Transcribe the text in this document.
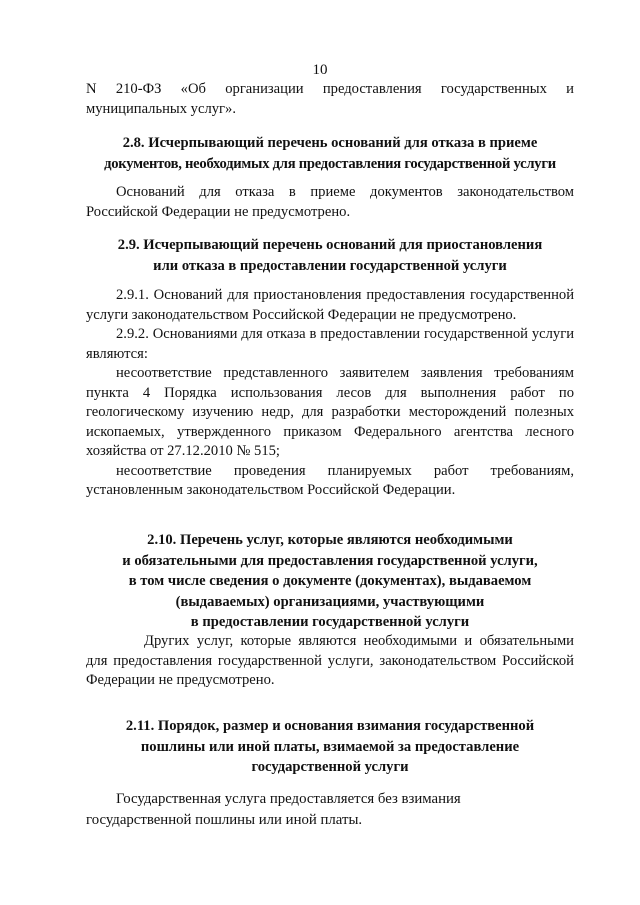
10

N 210-ФЗ «Об организации предоставления государственных и

муниципальных услуг».

2.8. Исчерпывающий перечень оснований для отказа в приеме
документов, необходимых для предоставления государственной услуги

Оснований для отказа в приеме документов законодательством Российской Федерации не предусмотрено.

2.9. Исчерпывающий перечень оснований для приостановления
или отказа в предоставлении государственной услуги

2.9.1. Оснований для приостановления предоставления государственной услуги законодательством Российской Федерации не предусмотрено.

2.9.2. Основаниями для отказа в предоставлении государственной услуги являются:

несоответствие представленного заявителем заявления требованиям пункта 4 Порядка использования лесов для выполнения работ по геологическому изучению недр, для разработки месторождений полезных ископаемых, утвержденного приказом Федерального агентства лесного хозяйства от 27.12.2010 № 515;

несоответствие проведения планируемых работ требованиям, установленным законодательством Российской Федерации.

2.10. Перечень услуг, которые являются необходимыми
и обязательными для предоставления государственной услуги,
в том числе сведения о документе (документах), выдаваемом
(выдаваемых) организациями, участвующими
в предоставлении государственной услуги

Других услуг, которые являются необходимыми и обязательными для предоставления государственной услуги, законодательством Российской Федерации не предусмотрено.

2.11. Порядок, размер и основания взимания государственной
пошлины или иной платы, взимаемой за предоставление
государственной услуги

Государственная услуга предоставляется без взимания

государственной пошлины или иной платы.
